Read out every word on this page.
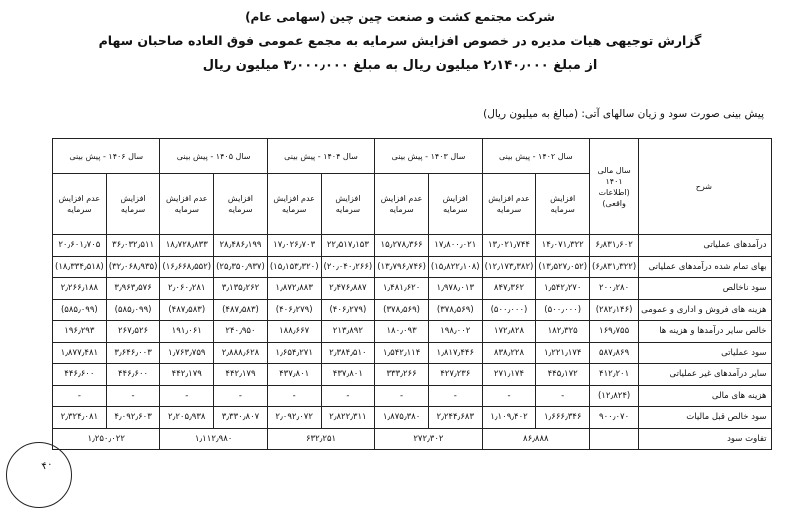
شرکت مجتمع کشت و صنعت چین چین (سهامی عام)
گزارش توجیهی هیات مدیره در خصوص افزایش سرمایه به مجمع عمومی فوق العاده صاحبان سهام
از مبلغ ۲٫۱۴۰٫۰۰۰ میلیون ریال به مبلغ ۳٫۰۰۰٫۰۰۰ میلیون ریال
پیش بینی صورت سود و زیان سالهای آتی: (مبالغ به میلیون ریال)
شرح	سال مالی ۱۴۰۱ (اطلاعات واقعی)	سال ۱۴۰۲ - پیش بینی		سال ۱۴۰۳ - پیش بینی		سال ۱۴۰۴ - پیش بینی		سال ۱۴۰۵ - پیش بینی		سال ۱۴۰۶ - پیش بینی	
		افزایش سرمایه	عدم افزایش سرمایه	افزایش سرمایه	عدم افزایش سرمایه	افزایش سرمایه	عدم افزایش سرمایه	افزایش سرمایه	عدم افزایش سرمایه	افزایش سرمایه	عدم افزایش سرمایه
درآمدهای عملیاتی	۶٫۸۳۱٫۶۰۲	۱۴٫۰۷۱٫۳۲۲	۱۳٫۰۲۱٫۷۴۴	۱۷٫۸۰۰٫۰۲۱	۱۵٫۲۷۸٫۳۶۶	۲۲٫۵۱۷٫۱۵۳	۱۷٫۰۲۶٫۷۰۳	۲۸٫۴۸۶٫۱۹۹	۱۸٫۷۲۸٫۸۳۳	۳۶٫۰۳۲٫۵۱۱	۲۰٫۶۰۱٫۷۰۵
بهای تمام شده درآمدهای عملیاتی	(۶٫۸۳۱٫۳۲۲)	(۱۳٫۵۲۷٫۰۵۲)	(۱۲٫۱۷۳٫۳۸۲)	(۱۵٫۸۲۲٫۱۰۸)	(۱۳٫۷۹۶٫۷۴۶)	(۲۰٫۰۴۰٫۲۶۶)	(۱۵٫۱۵۳٫۳۲۰)	(۲۵٫۳۵۰٫۹۳۷)	(۱۶٫۶۶۸٫۵۵۲)	(۳۲٫۰۶۸٫۹۳۵)	(۱۸٫۳۳۴٫۵۱۸)
سود ناخالص	۲۰۰٫۲۸۰	۱٫۵۴۲٫۲۷۰	۸۴۷٫۳۶۲	۱٫۹۷۸٫۰۱۳	۱٫۴۸۱٫۶۲۰	۲٫۴۷۶٫۸۸۷	۱٫۸۷۲٫۸۸۳	۳٫۱۳۵٫۲۶۲	۲٫۰۶۰٫۲۸۱	۳٫۹۶۳٫۵۷۶	۲٫۲۶۶٫۱۸۸
هزینه های فروش و اداری و عمومی	(۲۸۲٫۱۴۶)	(۵۰۰٫۰۰۰)	(۵۰۰٫۰۰۰)	(۳۷۸٫۵۶۹)	(۳۷۸٫۵۶۹)	(۴۰۶٫۲۷۹)	(۴۰۶٫۲۷۹)	(۴۸۷٫۵۸۳)	(۴۸۷٫۵۸۳)	(۵۸۵٫۰۹۹)	(۵۸۵٫۰۹۹)
خالص سایر درآمدها و هزینه ها	۱۶۹٫۷۵۵	۱۸۲٫۳۲۵	۱۷۲٫۸۲۸	۱۹۸٫۰۰۲	۱۸۰٫۰۹۳	۲۱۳٫۸۹۲	۱۸۸٫۶۶۷	۲۴۰٫۹۵۰	۱۹۱٫۰۶۱	۲۶۷٫۵۲۶	۱۹۶٫۲۹۳
سود عملیاتی	۵۸۷٫۸۶۹	۱٫۲۲۱٫۱۷۴	۸۳۸٫۲۲۸	۱٫۸۱۷٫۴۴۶	۱٫۵۴۲٫۱۱۴	۲٫۳۸۴٫۵۱۰	۱٫۶۵۴٫۲۷۱	۲٫۸۸۸٫۶۲۸	۱٫۷۶۳٫۷۵۹	۳٫۶۴۶٫۰۰۳	۱٫۸۷۷٫۴۸۱
سایر درآمدهای غیر عملیاتی	۴۱۲٫۲۰۱	۴۴۵٫۱۷۲	۲۷۱٫۱۷۴	۴۲۷٫۲۳۶	۳۳۳٫۲۶۶	۴۳۷٫۸۰۱	۴۳۷٫۸۰۱	۴۴۲٫۱۷۹	۴۴۲٫۱۷۹	۴۴۶٫۶۰۰	۴۴۶٫۶۰۰
هزینه های مالی	(۱۲٫۸۲۴)	-	-	-	-	-	-	-	-	-	-
سود خالص قبل مالیات	۹۰۰٫۰۷۰	۱٫۶۶۶٫۳۴۶	۱٫۱۰۹٫۴۰۲	۲٫۲۴۴٫۶۸۳	۱٫۸۷۵٫۳۸۰	۲٫۸۲۲٫۳۱۱	۲٫۰۹۲٫۰۷۲	۳٫۳۳۰٫۸۰۷	۲٫۲۰۵٫۹۳۸	۴٫۰۹۲٫۶۰۳	۲٫۳۲۴٫۰۸۱
تفاوت سود		۸۶٫۸۸۸		۲۷۲٫۳۰۲		۶۳۲٫۲۵۱		۱٫۱۱۲٫۹۸۰		۱٫۲۵۰٫۰۲۲	
۴۰
